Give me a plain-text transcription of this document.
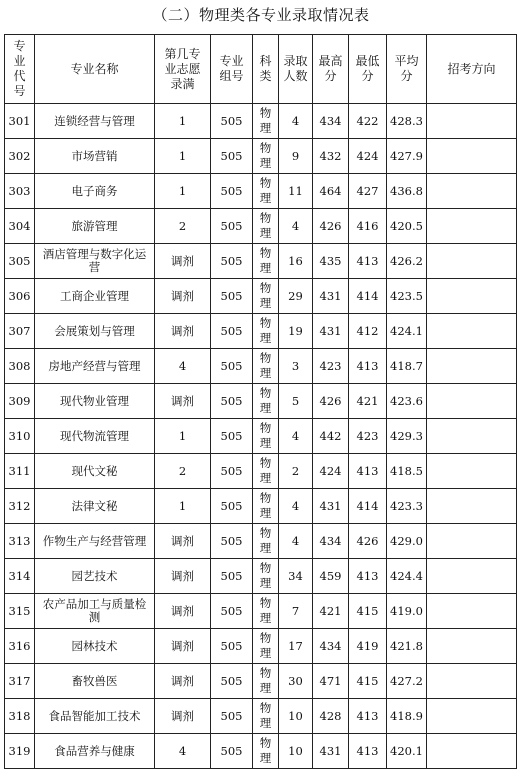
（二）物理类各专业录取情况表
专业代号	专业名称	第几专业志愿录满	专业组号	科类	录取人数	最高分	最低分	平均分	招考方向
301	连锁经营与管理	1	505	物理	4	434	422	428.3	
302	市场营销	1	505	物理	9	432	424	427.9	
303	电子商务	1	505	物理	11	464	427	436.8	
304	旅游管理	2	505	物理	4	426	416	420.5	
305	酒店管理与数字化运营	调剂	505	物理	16	435	413	426.2	
306	工商企业管理	调剂	505	物理	29	431	414	423.5	
307	会展策划与管理	调剂	505	物理	19	431	412	424.1	
308	房地产经营与管理	4	505	物理	3	423	413	418.7	
309	现代物业管理	调剂	505	物理	5	426	421	423.6	
310	现代物流管理	1	505	物理	4	442	423	429.3	
311	现代文秘	2	505	物理	2	424	413	418.5	
312	法律文秘	1	505	物理	4	431	414	423.3	
313	作物生产与经营管理	调剂	505	物理	4	434	426	429.0	
314	园艺技术	调剂	505	物理	34	459	413	424.4	
315	农产品加工与质量检测	调剂	505	物理	7	421	415	419.0	
316	园林技术	调剂	505	物理	17	434	419	421.8	
317	畜牧兽医	调剂	505	物理	30	471	415	427.2	
318	食品智能加工技术	调剂	505	物理	10	428	413	418.9	
319	食品营养与健康	4	505	物理	10	431	413	420.1	
